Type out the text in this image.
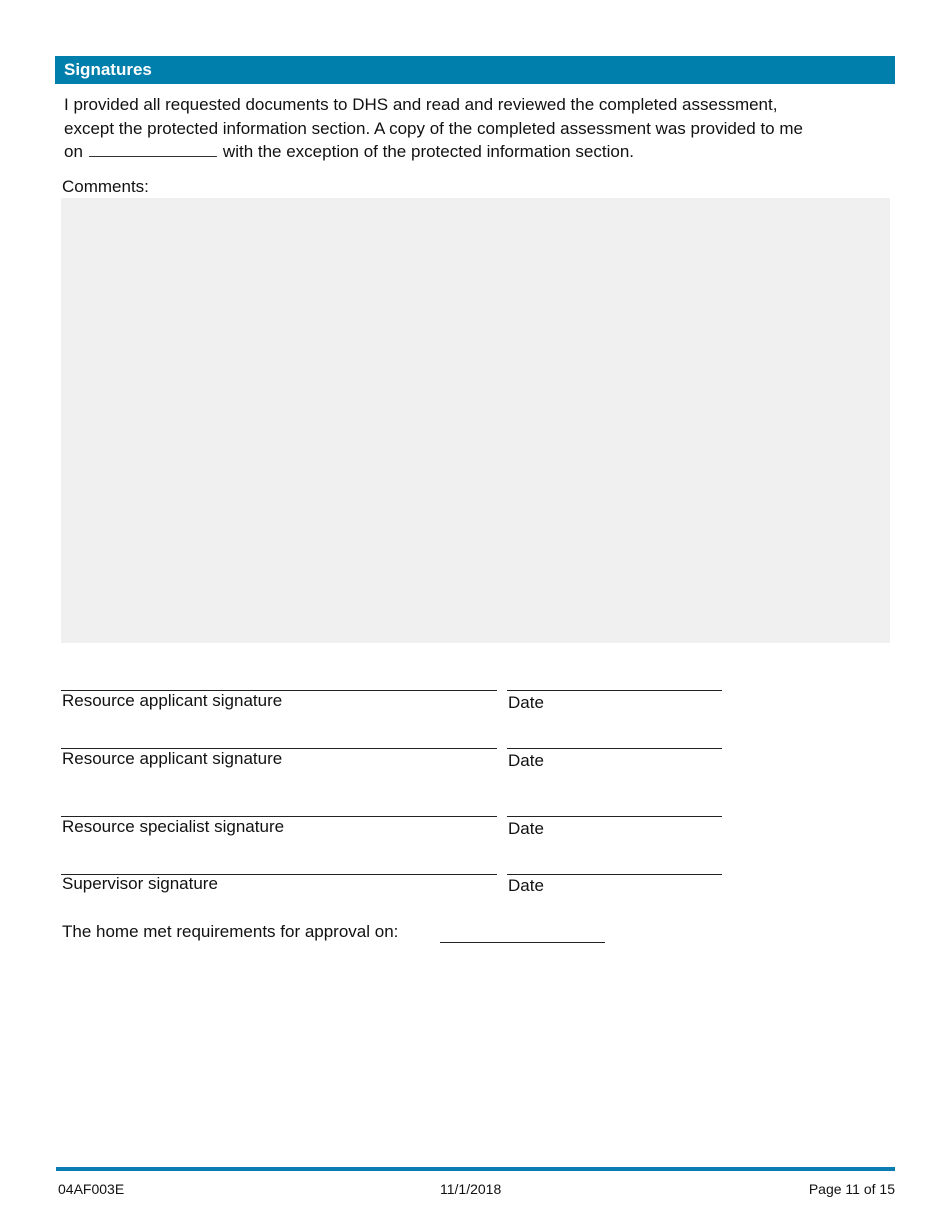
Signatures
I provided all requested documents to DHS and read and reviewed the completed assessment,
except the protected information section. A copy of the completed assessment was provided to me
on	with the exception of the protected information section.
Comments:
Resource applicant signature	Date
Resource applicant signature	Date
Resource specialist signature	Date
Supervisor signature	Date
The home met requirements for approval on:
04AF003E	11/1/2018	Page 11 of 15
